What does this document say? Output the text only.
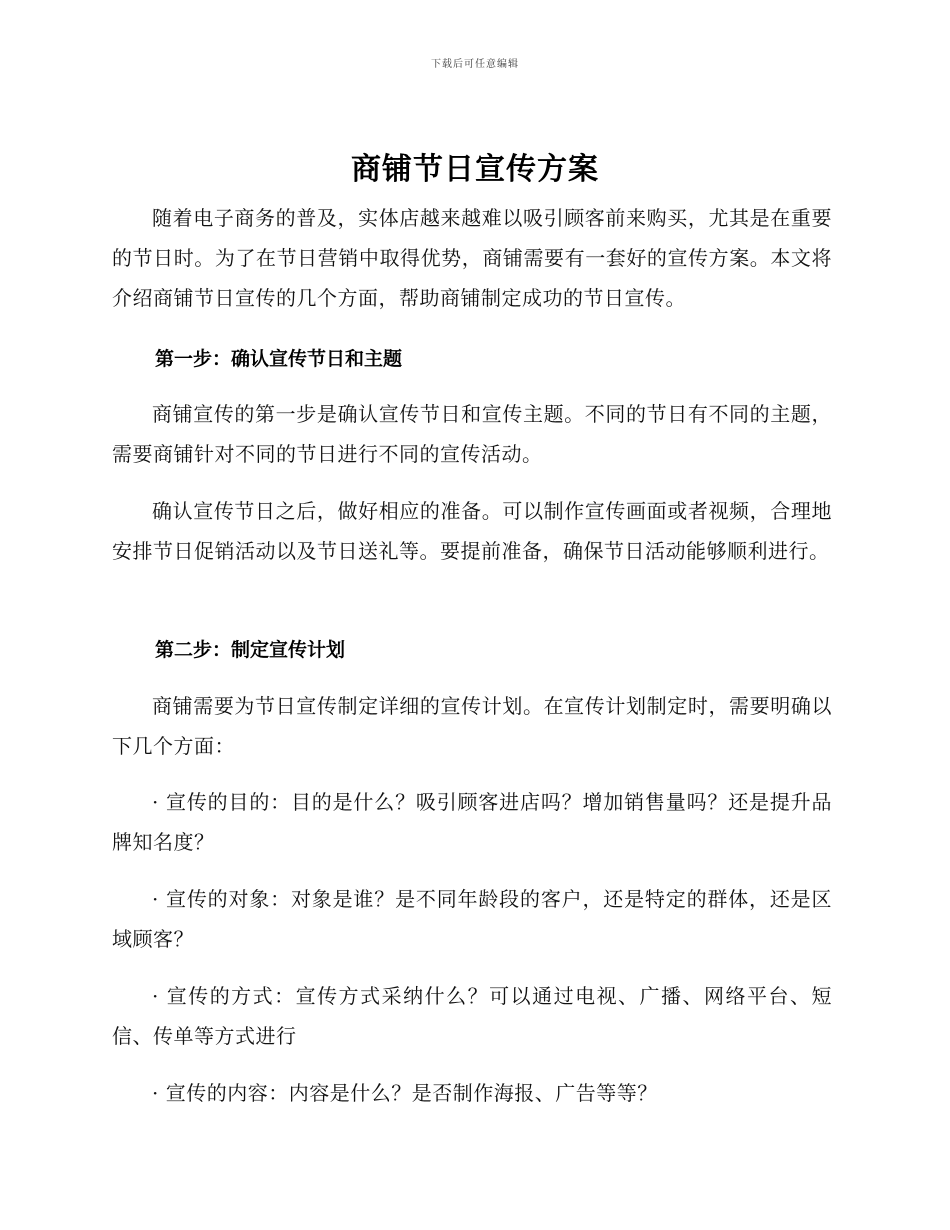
下载后可任意编辑
商铺节日宣传方案

随着电子商务的普及，实体店越来越难以吸引顾客前来购买，尤其是在重要的节日时。为了在节日营销中取得优势，商铺需要有一套好的宣传方案。本文将介绍商铺节日宣传的几个方面，帮助商铺制定成功的节日宣传。

第一步：确认宣传节日和主题

商铺宣传的第一步是确认宣传节日和宣传主题。不同的节日有不同的主题，需要商铺针对不同的节日进行不同的宣传活动。

确认宣传节日之后，做好相应的准备。可以制作宣传画面或者视频，合理地安排节日促销活动以及节日送礼等。要提前准备，确保节日活动能够顺利进行。

第二步：制定宣传计划

商铺需要为节日宣传制定详细的宣传计划。在宣传计划制定时，需要明确以下几个方面：

· 宣传的目的：目的是什么？吸引顾客进店吗？增加销售量吗？还是提升品牌知名度？

· 宣传的对象：对象是谁？是不同年龄段的客户，还是特定的群体，还是区域顾客？

· 宣传的方式：宣传方式采纳什么？可以通过电视、广播、网络平台、短信、传单等方式进行

· 宣传的内容：内容是什么？是否制作海报、广告等等？
